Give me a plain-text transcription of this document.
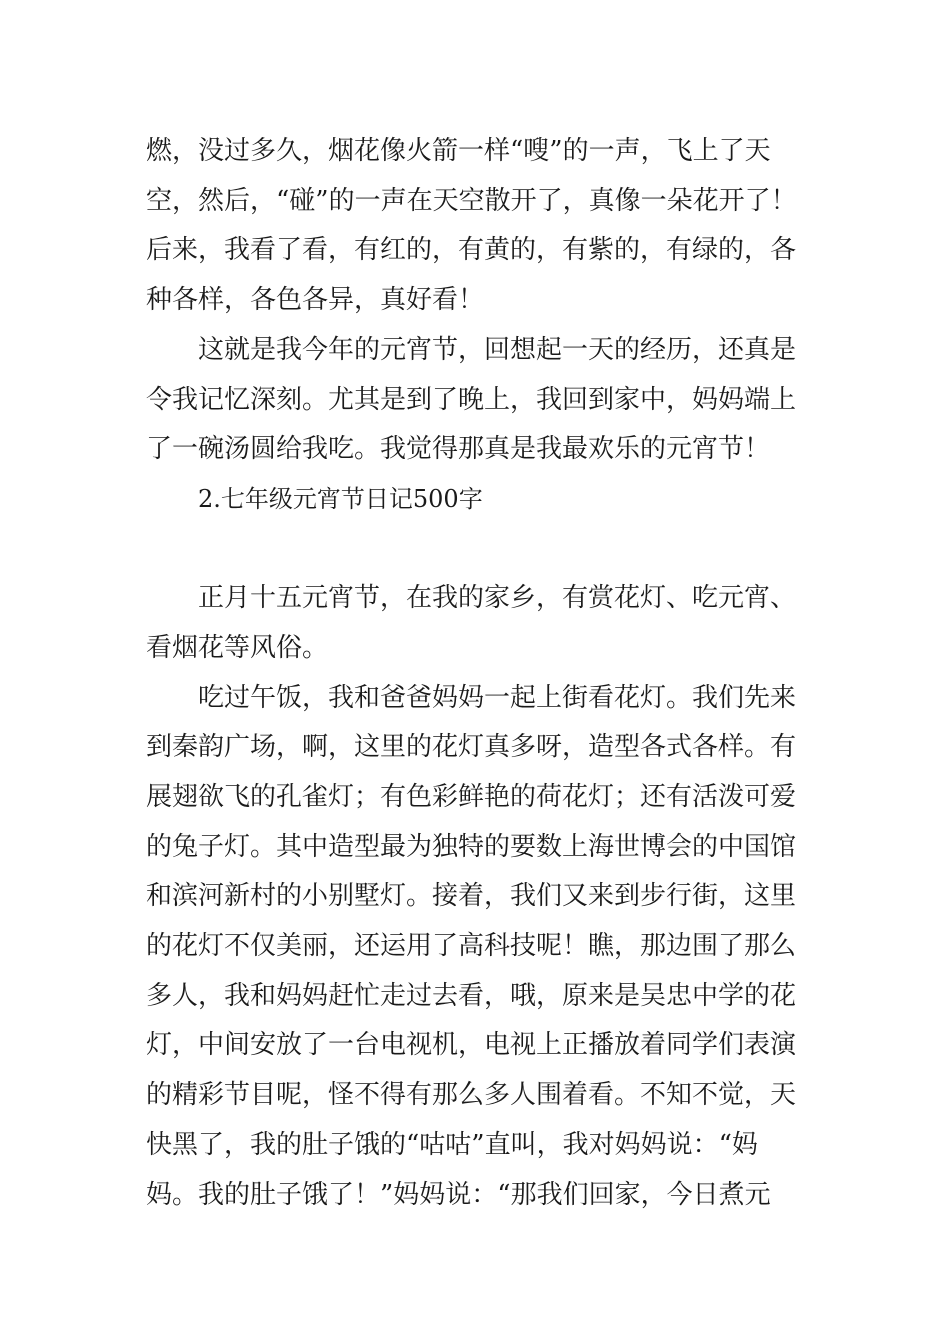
燃，没过多久，烟花像火箭一样“嗖”的一声，飞上了天
空，然后，“碰”的一声在天空散开了，真像一朵花开了！
后来，我看了看，有红的，有黄的，有紫的，有绿的，各
种各样，各色各异，真好看！
这就是我今年的元宵节，回想起一天的经历，还真是
令我记忆深刻。尤其是到了晚上，我回到家中，妈妈端上
了一碗汤圆给我吃。我觉得那真是我最欢乐的元宵节！
2.七年级元宵节日记500字
正月十五元宵节，在我的家乡，有赏花灯、吃元宵、
看烟花等风俗。
吃过午饭，我和爸爸妈妈一起上街看花灯。我们先来
到秦韵广场，啊，这里的花灯真多呀，造型各式各样。有
展翅欲飞的孔雀灯；有色彩鲜艳的荷花灯；还有活泼可爱
的兔子灯。其中造型最为独特的要数上海世博会的中国馆
和滨河新村的小别墅灯。接着，我们又来到步行街，这里
的花灯不仅美丽，还运用了高科技呢！瞧，那边围了那么
多人，我和妈妈赶忙走过去看，哦，原来是吴忠中学的花
灯，中间安放了一台电视机，电视上正播放着同学们表演
的精彩节目呢，怪不得有那么多人围着看。不知不觉，天
快黑了，我的肚子饿的“咕咕”直叫，我对妈妈说：“妈
妈。我的肚子饿了！”妈妈说：“那我们回家，今日煮元
